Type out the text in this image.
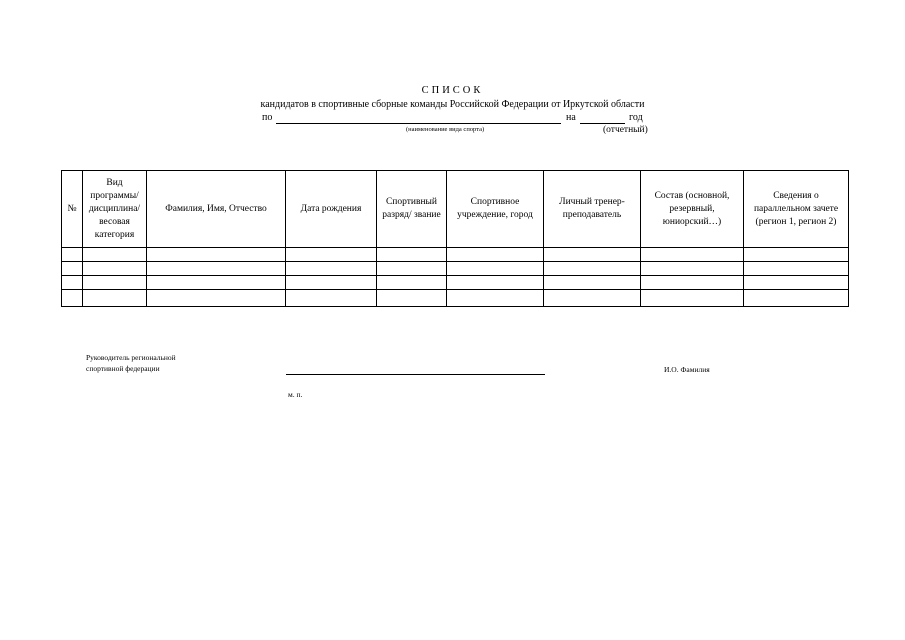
СПИСОК
кандидатов в спортивные сборные команды Российской Федерации от Иркутской области
по	на	год
(наименование вида спорта)	(отчетный)
№	Вид программы/ дисциплина/ весовая категория	Фамилия, Имя, Отчество	Дата рождения	Спортивный разряд/ звание	Спортивное учреждение, город	Личный тренер-преподаватель	Состав (основной, резервный, юниорский…)	Сведения о параллельном зачете (регион 1, регион 2)

Руководитель региональной
спортивной федерации
м. п.
И.О. Фамилия
